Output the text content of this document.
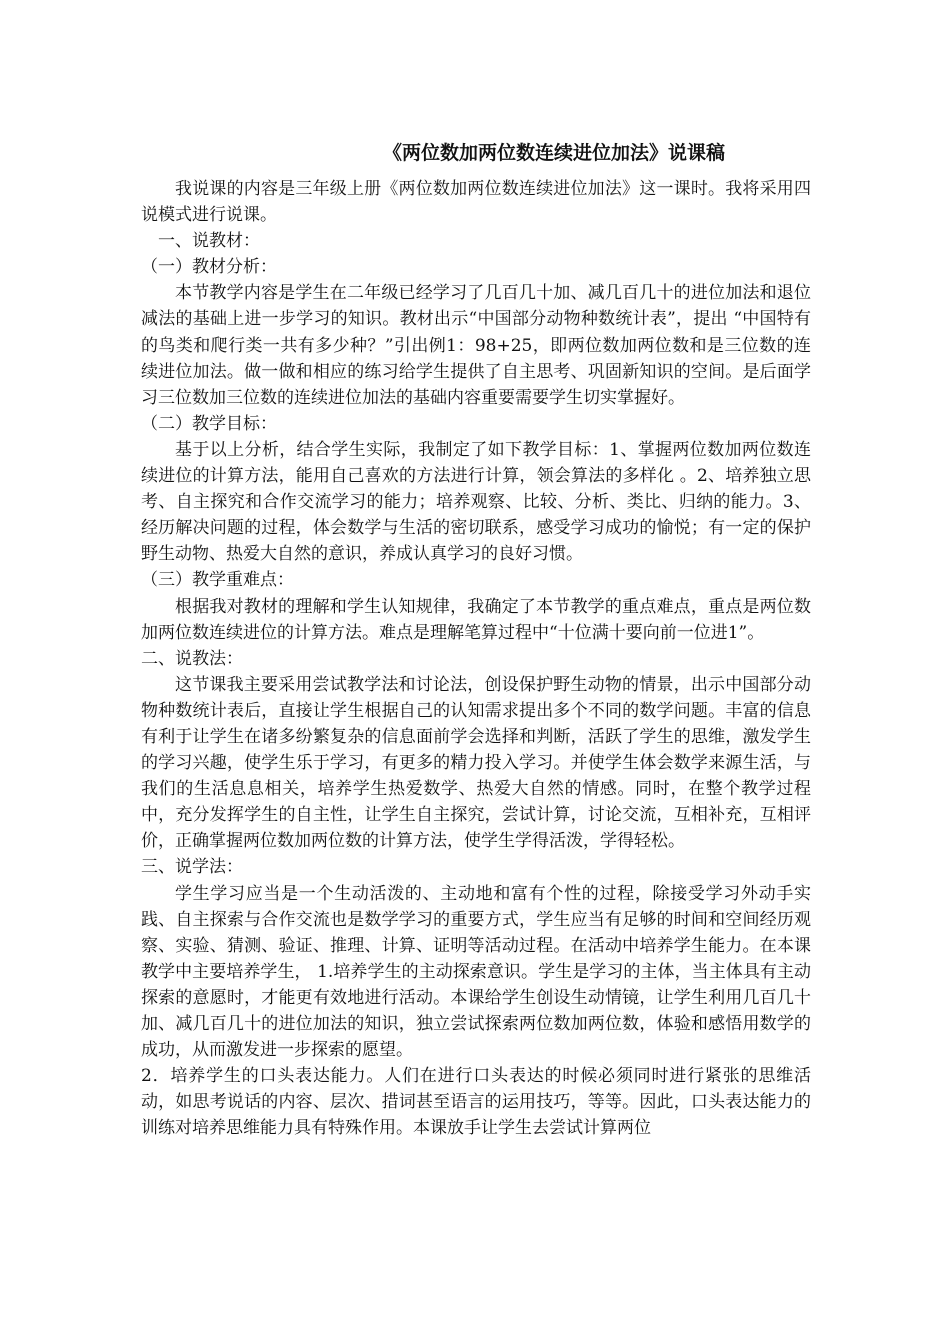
《两位数加两位数连续进位加法》说课稿

我说课的内容是三年级上册《两位数加两位数连续进位加法》这一课时。我将采用四说模式进行说课。

一、说教材：

（一）教材分析：

本节教学内容是学生在二年级已经学习了几百几十加、减几百几十的进位加法和退位减法的基础上进一步学习的知识。教材出示“中国部分动物种数统计表”，提出 “中国特有的鸟类和爬行类一共有多少种？”引出例1：98+25，即两位数加两位数和是三位数的连续进位加法。做一做和相应的练习给学生提供了自主思考、巩固新知识的空间。是后面学习三位数加三位数的连续进位加法的基础内容重要需要学生切实掌握好。

（二）教学目标：

基于以上分析，结合学生实际，我制定了如下教学目标：1、掌握两位数加两位数连续进位的计算方法，能用自己喜欢的方法进行计算，领会算法的多样化 。2、培养独立思考、自主探究和合作交流学习的能力；培养观察、比较、分析、类比、归纳的能力。3、经历解决问题的过程，体会数学与生活的密切联系，感受学习成功的愉悦；有一定的保护野生动物、热爱大自然的意识，养成认真学习的良好习惯。

（三）教学重难点：

根据我对教材的理解和学生认知规律，我确定了本节教学的重点难点，重点是两位数加两位数连续进位的计算方法。难点是理解笔算过程中“十位满十要向前一位进1”。

二、说教法：

这节课我主要采用尝试教学法和讨论法，创设保护野生动物的情景，出示中国部分动物种数统计表后，直接让学生根据自己的认知需求提出多个不同的数学问题。丰富的信息有利于让学生在诸多纷繁复杂的信息面前学会选择和判断，活跃了学生的思维，激发学生的学习兴趣，使学生乐于学习，有更多的精力投入学习。并使学生体会数学来源生活，与我们的生活息息相关，培养学生热爱数学、热爱大自然的情感。同时，在整个教学过程中，充分发挥学生的自主性，让学生自主探究，尝试计算，讨论交流，互相补充，互相评价，正确掌握两位数加两位数的计算方法，使学生学得活泼，学得轻松。

三、说学法：

学生学习应当是一个生动活泼的、主动地和富有个性的过程，除接受学习外动手实践、自主探索与合作交流也是数学学习的重要方式，学生应当有足够的时间和空间经历观察、实验、猜测、验证、推理、计算、证明等活动过程。在活动中培养学生能力。在本课教学中主要培养学生， 1.培养学生的主动探索意识。学生是学习的主体，当主体具有主动探索的意愿时，才能更有效地进行活动。本课给学生创设生动情镜，让学生利用几百几十加、减几百几十的进位加法的知识，独立尝试探索两位数加两位数，体验和感悟用数学的成功，从而激发进一步探索的愿望。

2．培养学生的口头表达能力。人们在进行口头表达的时候必须同时进行紧张的思维活动，如思考说话的内容、层次、措词甚至语言的运用技巧，等等。因此，口头表达能力的训练对培养思维能力具有特殊作用。本课放手让学生去尝试计算两位
